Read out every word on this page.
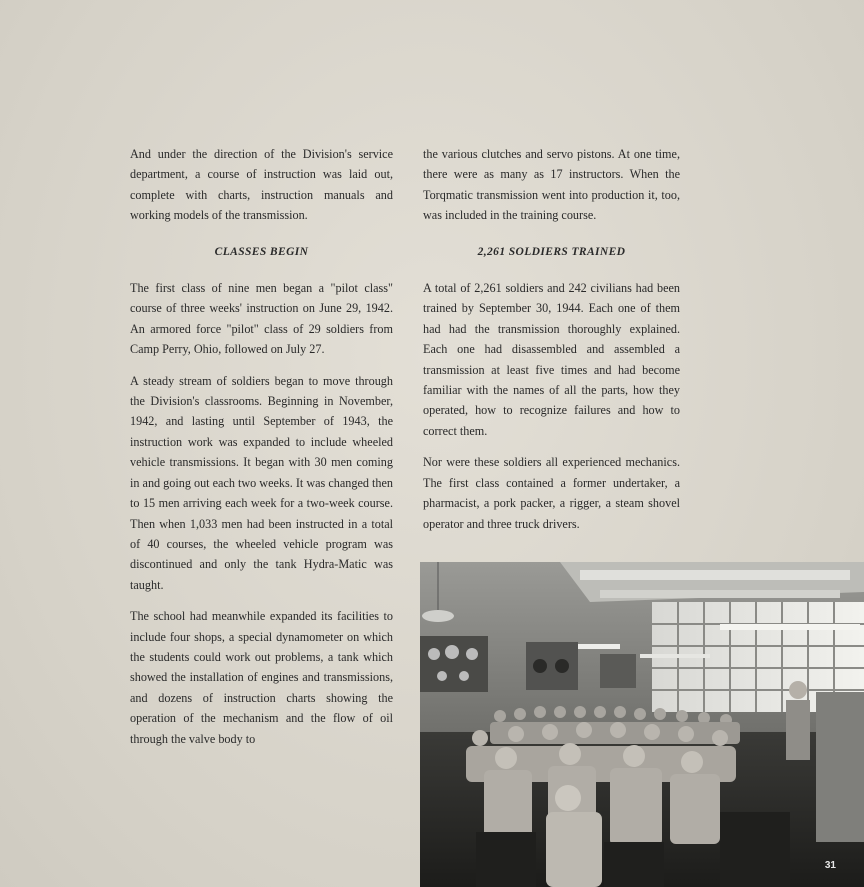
And under the direction of the Division's service department, a course of instruction was laid out, complete with charts, instruction manuals and working models of the transmission.

CLASSES BEGIN

The first class of nine men began a "pilot class" course of three weeks' instruction on June 29, 1942. An armored force "pilot" class of 29 soldiers from Camp Perry, Ohio, followed on July 27.

A steady stream of soldiers began to move through the Division's classrooms. Beginning in November, 1942, and lasting until September of 1943, the instruction work was expanded to include wheeled vehicle transmissions. It began with 30 men coming in and going out each two weeks. It was changed then to 15 men arriving each week for a two-week course. Then when 1,033 men had been instructed in a total of 40 courses, the wheeled vehicle program was discontinued and only the tank Hydra-Matic was taught.

The school had meanwhile expanded its facilities to include four shops, a special dynamometer on which the students could work out problems, a tank which showed the installation of engines and transmissions, and dozens of instruction charts showing the operation of the mechanism and the flow of oil through the valve body to

the various clutches and servo pistons. At one time, there were as many as 17 instructors. When the Torqmatic transmission went into production it, too, was included in the training course.

2,261 SOLDIERS TRAINED

A total of 2,261 soldiers and 242 civilians had been trained by September 30, 1944. Each one of them had had the transmission thoroughly explained. Each one had disassembled and assembled a transmission at least five times and had become familiar with the names of all the parts, how they operated, how to recognize failures and how to correct them.

Nor were these soldiers all experienced mechanics. The first class contained a former undertaker, a pharmacist, a pork packer, a rigger, a steam shovel operator and three truck drivers.

31
